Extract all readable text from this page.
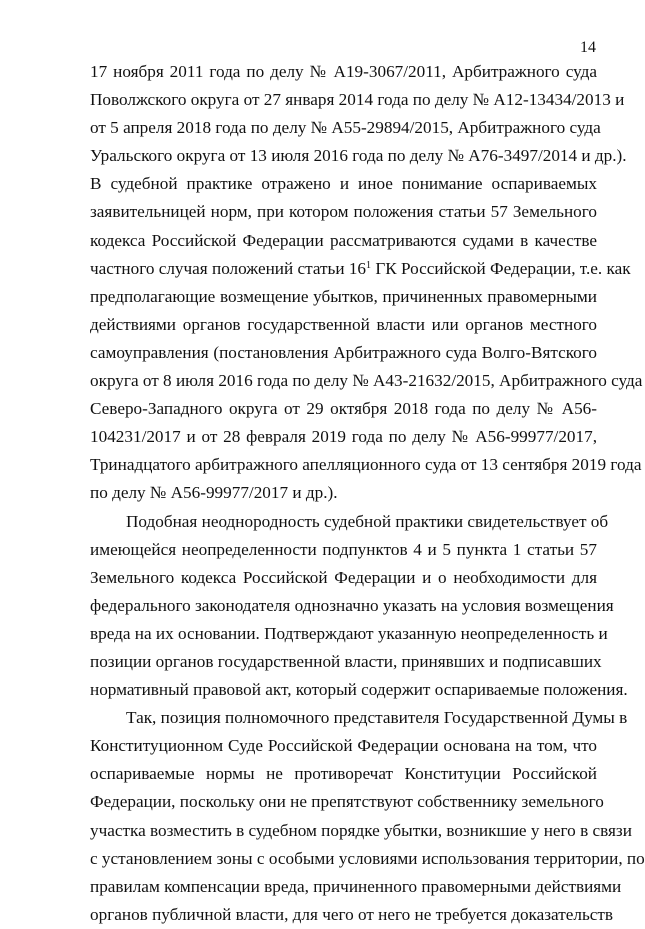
14
17 ноября 2011 года по делу № А19-3067/2011, Арбитражного суда
Поволжского округа от 27 января 2014 года по делу № А12-13434/2013 и
от 5 апреля 2018 года по делу № А55-29894/2015, Арбитражного суда
Уральского округа от 13 июля 2016 года по делу № А76-3497/2014 и др.).
В судебной практике отражено и иное понимание оспариваемых
заявительницей норм, при котором положения статьи 57 Земельного
кодекса Российской Федерации рассматриваются судами в качестве
частного случая положений статьи $16^1$ ГК Российской Федерации, т.е. как
предполагающие возмещение убытков, причиненных правомерными
действиями органов государственной власти или органов местного
самоуправления (постановления Арбитражного суда Волго-Вятского
округа от 8 июля 2016 года по делу № А43-21632/2015, Арбитражного суда
Северо-Западного округа от 29 октября 2018 года по делу № А56-
104231/2017 и от 28 февраля 2019 года по делу № А56-99977/2017,
Тринадцатого арбитражного апелляционного суда от 13 сентября 2019 года
по делу № А56-99977/2017 и др.).
Подобная неоднородность судебной практики свидетельствует об
имеющейся неопределенности подпунктов 4 и 5 пункта 1 статьи 57
Земельного кодекса Российской Федерации и о необходимости для
федерального законодателя однозначно указать на условия возмещения
вреда на их основании. Подтверждают указанную неопределенность и
позиции органов государственной власти, принявших и подписавших
нормативный правовой акт, который содержит оспариваемые положения.
Так, позиция полномочного представителя Государственной Думы в
Конституционном Суде Российской Федерации основана на том, что
оспариваемые нормы не противоречат Конституции Российской
Федерации, поскольку они не препятствуют собственнику земельного
участка возместить в судебном порядке убытки, возникшие у него в связи
с установлением зоны с особыми условиями использования территории, по
правилам компенсации вреда, причиненного правомерными действиями
органов публичной власти, для чего от него не требуется доказательств
